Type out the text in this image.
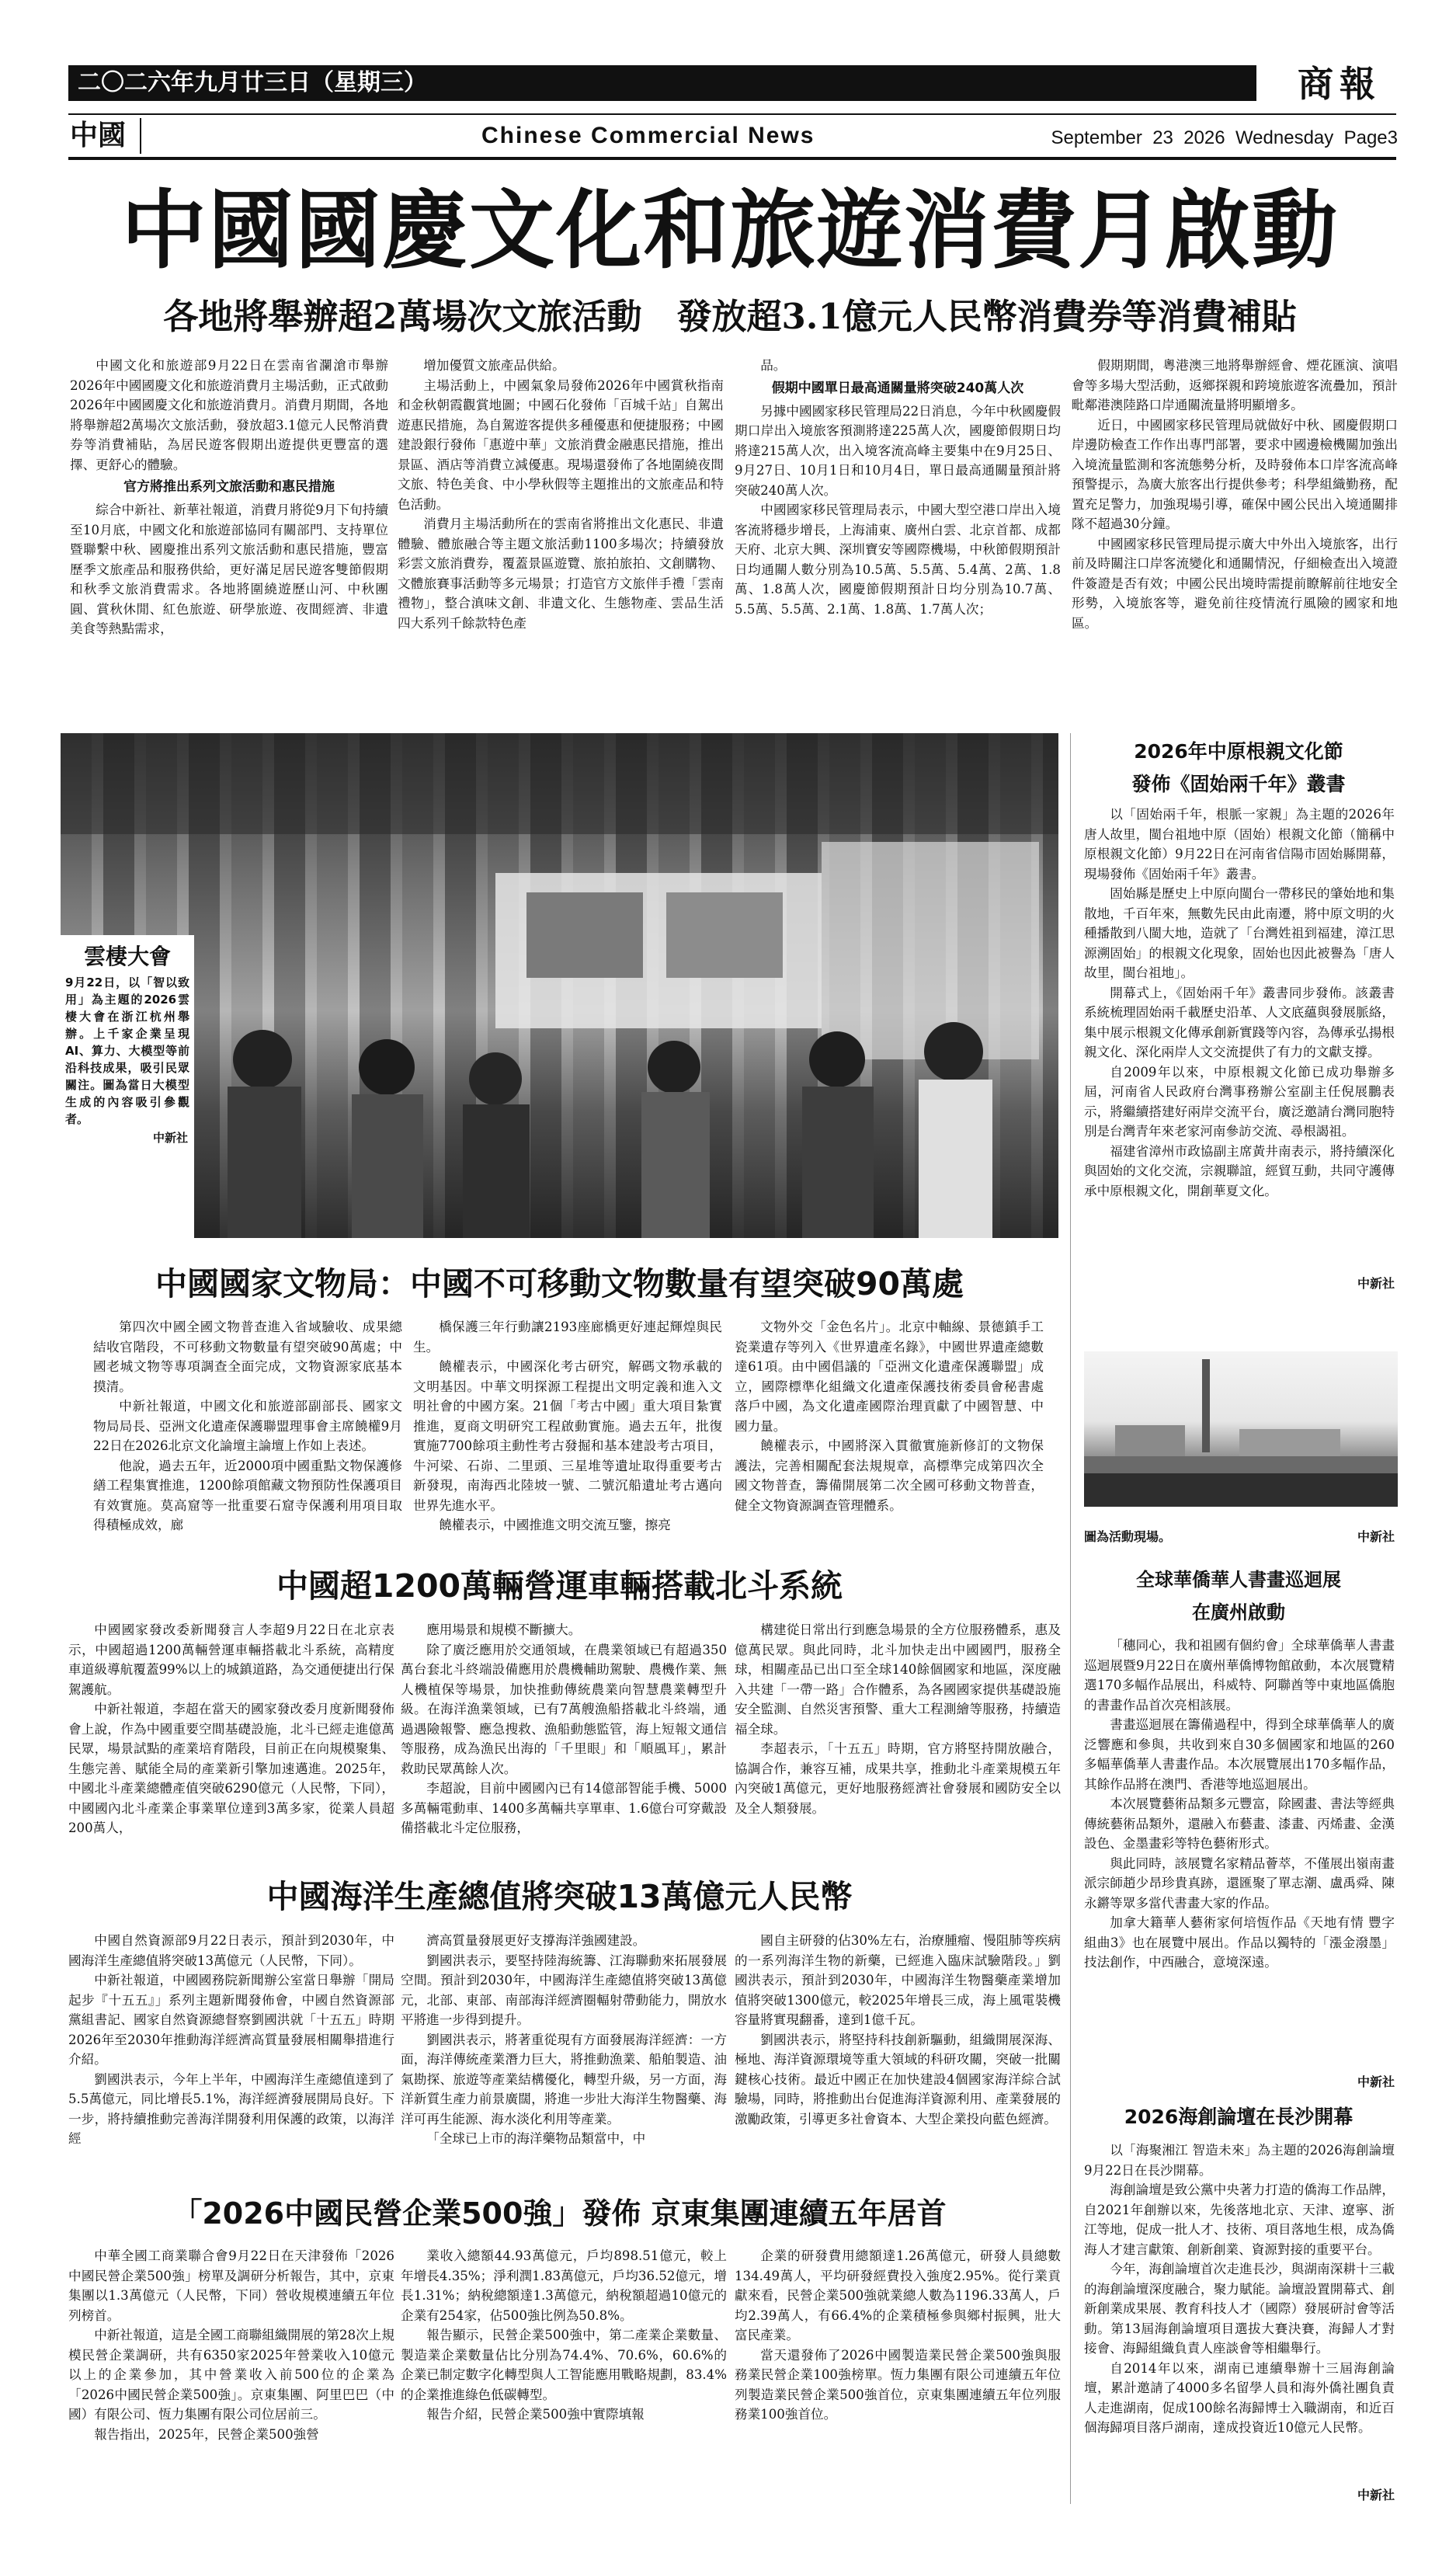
二〇二六年九月廿三日（星期三）	商報
中國	Chinese Commercial News	September  23  2026  Wednesday  Page3
中國國慶文化和旅遊消費月啟動
各地將舉辦超2萬場次文旅活動　發放超3.1億元人民幣消費券等消費補貼

中國文化和旅遊部9月22日在雲南省瀾滄市舉辦2026年中國國慶文化和旅遊消費月主場活動，正式啟動2026年中國國慶文化和旅遊消費月。消費月期間，各地將舉辦超2萬場次文旅活動，發放超3.1億元人民幣消費券等消費補貼，為居民遊客假期出遊提供更豐富的選擇、更舒心的體驗。

官方將推出系列文旅活動和惠民措施

綜合中新社、新華社報道，消費月將從9月下旬持續至10月底，中國文化和旅遊部協同有關部門、支持單位暨聯繫中秋、國慶推出系列文旅活動和惠民措施，豐富歷季文旅產品和服務供給，更好滿足居民遊客雙節假期和秋季文旅消費需求。各地將圍繞遊歷山河、中秋團圓、賞秋休閒、紅色旅遊、研學旅遊、夜間經濟、非遺美食等熱點需求，

增加優質文旅產品供給。

主場活動上，中國氣象局發佈2026年中國賞秋指南和金秋朝霞觀賞地圖；中國石化發佈「百城千站」自駕出遊惠民措施，為自駕遊客提供多種優惠和便捷服務；中國建設銀行發佈「惠遊中華」文旅消費金融惠民措施，推出景區、酒店等消費立減優惠。現場還發佈了各地圍繞夜間文旅、特色美食、中小學秋假等主題推出的文旅產品和特色活動。

消費月主場活動所在的雲南省將推出文化惠民、非遺體驗、體旅融合等主題文旅活動1100多場次；持續發放彩雲文旅消費券，覆蓋景區遊覽、旅拍旅拍、文創購物、文體旅賽事活動等多元場景；打造官方文旅伴手禮「雲南禮物」，整合滇味文創、非遺文化、生態物產、雲品生活四大系列千餘款特色產

品。

假期中國單日最高通關量將突破240萬人次

另據中國國家移民管理局22日消息，今年中秋國慶假期口岸出入境旅客預測將達225萬人次，國慶節假期日均將達215萬人次，出入境客流高峰主要集中在9月25日、9月27日、10月1日和10月4日，單日最高通關量預計將突破240萬人次。

中國國家移民管理局表示，中國大型空港口岸出入境客流將穩步增長，上海浦東、廣州白雲、北京首都、成都天府、北京大興、深圳寶安等國際機場，中秋節假期預計日均通關人數分別為10.5萬、5.5萬、5.4萬、2萬、1.8萬、1.8萬人次，國慶節假期預計日均分別為10.7萬、5.5萬、5.5萬、2.1萬、1.8萬、1.7萬人次；

假期期間，粵港澳三地將舉辦經會、煙花匯演、演唱會等多場大型活動，返鄉探親和跨境旅遊客流疊加，預計毗鄰港澳陸路口岸通關流量將明顯增多。

近日，中國國家移民管理局就做好中秋、國慶假期口岸邊防檢查工作作出專門部署，要求中國邊檢機關加強出入境流量監測和客流態勢分析，及時發佈本口岸客流高峰預警提示，為廣大旅客出行提供參考；科學組織勤務，配置充足警力，加強現場引導，確保中國公民出入境通關排隊不超過30分鐘。

中國國家移民管理局提示廣大中外出入境旅客，出行前及時關注口岸客流變化和通關情況，仔細檢查出入境證件簽證是否有效；中國公民出境時需提前瞭解前往地安全形勢，入境旅客等，避免前往疫情流行風險的國家和地區。

雲棲大會
9月22日，以「智以致用」為主題的2026雲棲大會在浙江杭州舉辦。上千家企業呈現AI、算力、大模型等前沿科技成果，吸引民眾關注。圖為當日大模型生成的內容吸引參觀者。
中新社
中國國家文物局：中國不可移動文物數量有望突破90萬處

第四次中國全國文物普查進入省域驗收、成果總結收官階段，不可移動文物數量有望突破90萬處；中國老城文物等專項調查全面完成，文物資源家底基本摸清。

中新社報道，中國文化和旅遊部副部長、國家文物局局長、亞洲文化遺產保護聯盟理事會主席饒權9月22日在2026北京文化論壇主論壇上作如上表述。

他說，過去五年，近2000項中國重點文物保護修繕工程集實推進，1200餘項館藏文物預防性保護項目有效實施。莫高窟等一批重要石窟寺保護利用項目取得積極成效，廊

橋保護三年行動讓2193座廊橋更好連起輝煌與民生。

饒權表示，中國深化考古研究，解碼文物承載的文明基因。中華文明探源工程提出文明定義和進入文明社會的中國方案。21個「考古中國」重大項目紮實推進，夏商文明研究工程啟動實施。過去五年，批復實施7700餘項主動性考古發掘和基本建設考古項目，牛河梁、石峁、二里頭、三星堆等遺址取得重要考古新發現，南海西北陸坡一號、二號沉船遺址考古邁向世界先進水平。

饒權表示，中國推進文明交流互鑒，擦亮

文物外交「金色名片」。北京中軸線、景德鎮手工瓷業遺存等列入《世界遺產名錄》，中國世界遺產總數達61項。由中國倡議的「亞洲文化遺產保護聯盟」成立，國際標準化組織文化遺產保護技術委員會秘書處落戶中國，為文化遺產國際治理貢獻了中國智慧、中國力量。

饒權表示，中國將深入貫徹實施新修訂的文物保護法，完善相關配套法規規章，高標準完成第四次全國文物普查，籌備開展第二次全國可移動文物普查，健全文物資源調查管理體系。

中國超1200萬輛營運車輛搭載北斗系統

中國國家發改委新聞發言人李超9月22日在北京表示，中國超過1200萬輛營運車輛搭載北斗系統，高精度車道級導航覆蓋99%以上的城鎮道路，為交通便捷出行保駕護航。

中新社報道，李超在當天的國家發改委月度新聞發佈會上說，作為中國重要空間基礎設施，北斗已經走進億萬民眾，場景試點的產業培育階段，目前正在向規模聚集、生態完善、賦能全局的產業新引擎加速邁進。2025年，中國北斗產業總體產值突破6290億元（人民幣，下同），中國國內北斗產業企事業單位達到3萬多家，從業人員超200萬人，

應用場景和規模不斷擴大。

除了廣泛應用於交通領域，在農業領域已有超過350萬台套北斗終端設備應用於農機輔助駕駛、農機作業、無人機植保等場景，加快推動傳統農業向智慧農業轉型升級。在海洋漁業領域，已有7萬艘漁船搭載北斗終端，通過遇險報警、應急搜救、漁船動態監管，海上短報文通信等服務，成為漁民出海的「千里眼」和「順風耳」，累計救助民眾萬餘人次。

李超說，目前中國國內已有14億部智能手機、5000多萬輛電動車、1400多萬輛共享單車、1.6億台可穿戴設備搭載北斗定位服務，

構建從日常出行到應急場景的全方位服務體系，惠及億萬民眾。與此同時，北斗加快走出中國國門，服務全球，相關產品已出口至全球140餘個國家和地區，深度融入共建「一帶一路」合作體系，為各國國家提供基礎設施安全監測、自然災害預警、重大工程測繪等服務，持續造福全球。

李超表示，「十五五」時期，官方將堅持開放融合，協調合作，兼容互補，成果共享，推動北斗產業規模五年內突破1萬億元，更好地服務經濟社會發展和國防安全以及全人類發展。

中國海洋生產總值將突破13萬億元人民幣

中國自然資源部9月22日表示，預計到2030年，中國海洋生產總值將突破13萬億元（人民幣，下同）。

中新社報道，中國國務院新聞辦公室當日舉辦「開局起步『十五五』」系列主題新聞發佈會，中國自然資源部黨組書記、國家自然資源總督察劉國洪就「十五五」時期2026年至2030年推動海洋經濟高質量發展相關舉措進行介紹。

劉國洪表示，今年上半年，中國海洋生產總值達到了5.5萬億元，同比增長5.1%，海洋經濟發展開局良好。下一步，將持續推動完善海洋開發利用保護的政策，以海洋經

濟高質量發展更好支撐海洋強國建設。

劉國洪表示，要堅持陸海統籌、江海聯動來拓展發展空間。預計到2030年，中國海洋生產總值將突破13萬億元，北部、東部、南部海洋經濟圈輻射帶動能力，開放水平將進一步得到提升。

劉國洪表示，將著重從現有方面發展海洋經濟：一方面，海洋傳統產業潛力巨大，將推動漁業、船舶製造、油氣勘探、旅遊等產業結構優化，轉型升級，另一方面，海洋新質生產力前景廣闊，將進一步壯大海洋生物醫藥、海洋可再生能源、海水淡化利用等產業。

「全球已上市的海洋藥物品類當中，中

國自主研發的佔30%左右，治療腫瘤、慢阻肺等疾病的一系列海洋生物的新藥，已經進入臨床試驗階段。」劉國洪表示，預計到2030年，中國海洋生物醫藥產業增加值將突破1300億元，較2025年增長三成，海上風電裝機容量將實現翻番，達到1億千瓦。

劉國洪表示，將堅持科技創新驅動，組織開展深海、極地、海洋資源環境等重大領域的科研攻關，突破一批關鍵核心技術。最近中國正在加快建設4個國家海洋綜合試驗場，同時，將推動出台促進海洋資源利用、產業發展的激勵政策，引導更多社會資本、大型企業投向藍色經濟。

「2026中國民營企業500強」發佈 京東集團連續五年居首

中華全國工商業聯合會9月22日在天津發佈「2026中國民營企業500強」榜單及調研分析報告，其中，京東集團以1.3萬億元（人民幣，下同）營收規模連續五年位列榜首。

中新社報道，這是全國工商聯組織開展的第28次上規模民營企業調研，共有6350家2025年營業收入10億元以上的企業參加，其中營業收入前500位的企業為「2026中國民營企業500強」。京東集團、阿里巴巴（中國）有限公司、恆力集團有限公司位居前三。

報告指出，2025年，民營企業500強營

業收入總額44.93萬億元，戶均898.51億元，較上年增長4.35%；淨利潤1.83萬億元，戶均36.52億元，增長1.31%；納稅總額達1.3萬億元，納稅額超過10億元的企業有254家，佔500強比例為50.8%。

報告顯示，民營企業500強中，第二產業企業數量、製造業企業數量佔比分別為74.4%、70.6%，60.6%的企業已制定數字化轉型與人工智能應用戰略規劃，83.4%的企業推進綠色低碳轉型。

報告介紹，民營企業500強中實際填報

企業的研發費用總額達1.26萬億元，研發人員總數134.49萬人，平均研發經費投入強度2.95%。從行業貢獻來看，民營企業500強就業總人數為1196.33萬人，戶均2.39萬人，有66.4%的企業積極參與鄉村振興，壯大富民產業。

當天還發佈了2026中國製造業民營企業500強與服務業民營企業100強榜單。恆力集團有限公司連續五年位列製造業民營企業500強首位，京東集團連續五年位列服務業100強首位。

2026年中原根親文化節
發佈《固始兩千年》叢書

以「固始兩千年，根脈一家親」為主題的2026年唐人故里，閩台祖地中原（固始）根親文化節（簡稱中原根親文化節）9月22日在河南省信陽市固始縣開幕，現場發佈《固始兩千年》叢書。

固始縣是歷史上中原向閩台一帶移民的肇始地和集散地，千百年來，無數先民由此南遷，將中原文明的火種播散到八閩大地，造就了「台灣姓祖到福建，漳江思源溯固始」的根親文化現象，固始也因此被譽為「唐人故里，閩台祖地」。

開幕式上，《固始兩千年》叢書同步發佈。該叢書系統梳理固始兩千載歷史沿革、人文底蘊與發展脈絡，集中展示根親文化傳承創新實踐等內容，為傳承弘揚根親文化、深化兩岸人文交流提供了有力的文獻支撐。

自2009年以來，中原根親文化節已成功舉辦多屆，河南省人民政府台灣事務辦公室副主任倪展鵬表示，將繼續搭建好兩岸交流平台，廣泛邀請台灣同胞特別是台灣青年來老家河南參訪交流、尋根謁祖。

福建省漳州市政協副主席黃井南表示，將持續深化與固始的文化交流，宗親聯誼，經貿互動，共同守護傳承中原根親文化，開創華夏文化。

中新社
圖為活動現場。	中新社
全球華僑華人書畫巡迴展
在廣州啟動

「穗同心，我和祖國有個約會」全球華僑華人書畫巡迴展暨9月22日在廣州華僑博物館啟動，本次展覽精選170多幅作品展出，科威特、阿聯酋等中東地區僑胞的書畫作品首次亮相該展。

書畫巡迴展在籌備過程中，得到全球華僑華人的廣泛響應和參與，共收到來自30多個國家和地區的260多幅華僑華人書畫作品。本次展覽展出170多幅作品，其餘作品將在澳門、香港等地巡迴展出。

本次展覽藝術品類多元豐富，除國畫、書法等經典傳統藝術品類外，還融入布藝畫、漆畫、丙烯畫、金漢設色、金墨畫彩等特色藝術形式。

與此同時，該展覽名家精品薈萃，不僅展出嶺南畫派宗師趙少昂珍貴真跡，還匯聚了單志潮、盧禹舜、陳永鏘等眾多當代書畫大家的作品。

加拿大籍華人藝術家何培恆作品《天地有情 豐字組曲3》也在展覽中展出。作品以獨特的「漲金潑墨」技法創作，中西融合，意境深遠。

中新社
2026海創論壇在長沙開幕

以「海聚湘江 智造未來」為主題的2026海創論壇9月22日在長沙開幕。

海創論壇是致公黨中央著力打造的僑海工作品牌，自2021年創辦以來，先後落地北京、天津、遼寧、浙江等地，促成一批人才、技術、項目落地生根，成為僑海人才建言獻策、創新創業、資源對接的重要平台。

今年，海創論壇首次走進長沙，與湖南深耕十三載的海創論壇深度融合，聚力賦能。論壇設置開幕式、創新創業成果展、教育科技人才（國際）發展研討會等活動。第13屆海創論壇項目選拔大賽決賽，海歸人才對接會、海歸組織負責人座談會等相繼舉行。

自2014年以來，湖南已連續舉辦十三屆海創論壇，累計邀請了4000多名留學人員和海外僑社團負責人走進湖南，促成100餘名海歸博士入職湖南，和近百個海歸項目落戶湖南，達成投資近10億元人民幣。

中新社
